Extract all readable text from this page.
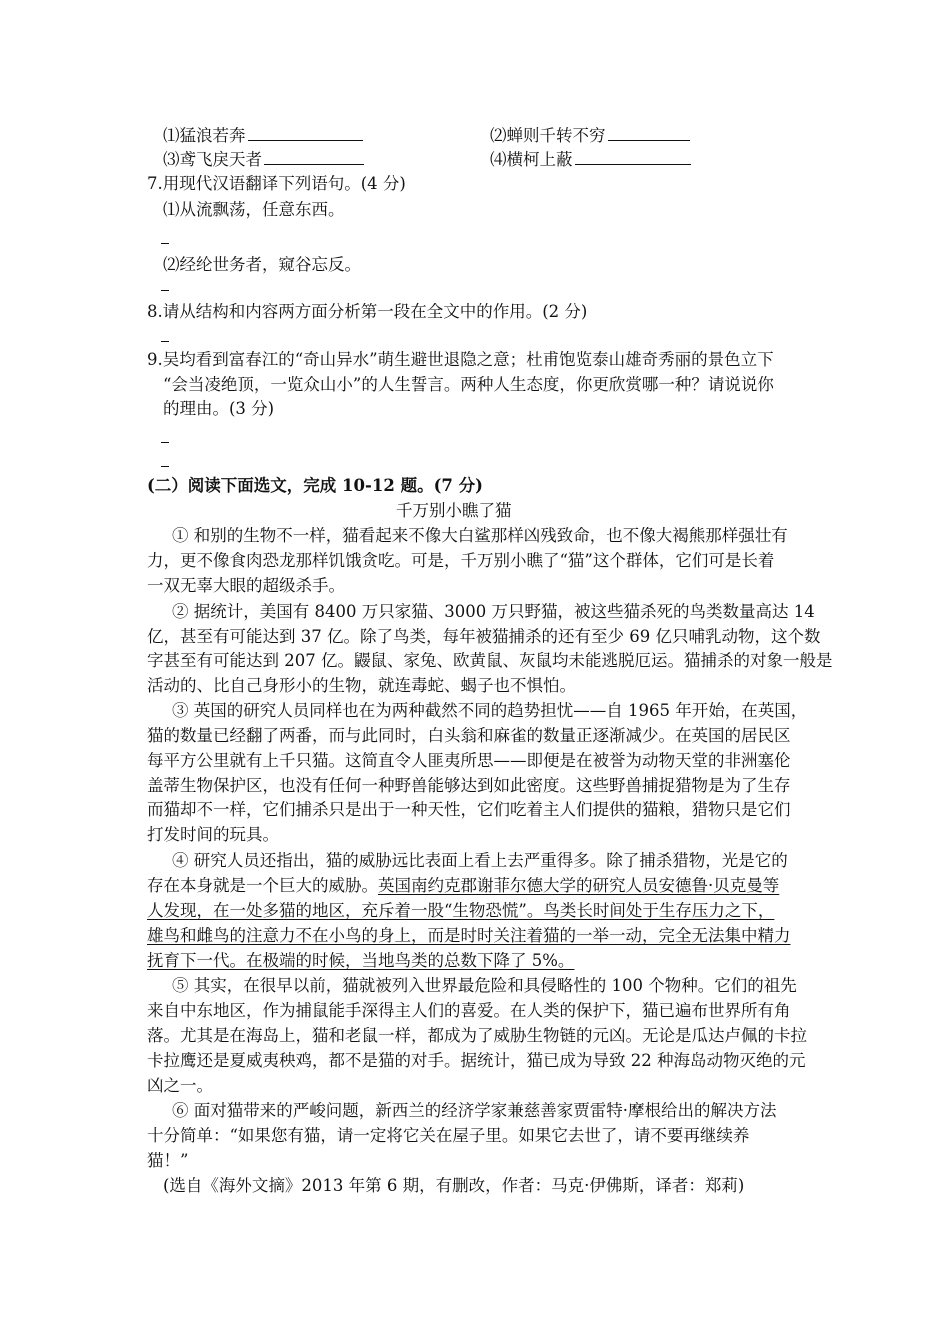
⑴猛浪若奔	⑵蝉则千转不穷
⑶鸢飞戾天者	⑷横柯上蔽
7.用现代汉语翻译下列语句。(4 分)
⑴从流飘荡，任意东西。
⑵经纶世务者，窥谷忘反。
8.请从结构和内容两方面分析第一段在全文中的作用。(2 分)
9.吴均看到富春江的“奇山异水”萌生避世退隐之意；杜甫饱览泰山雄奇秀丽的景色立下
“会当凌绝顶，一览众山小”的人生誓言。两种人生态度，你更欣赏哪一种？请说说你
的理由。(3 分)
(二）阅读下面选文，完成 10-12 题。(7 分)
千万别小瞧了猫
① 和别的生物不一样，猫看起来不像大白鲨那样凶残致命，也不像大褐熊那样强壮有
力，更不像食肉恐龙那样饥饿贪吃。可是，千万别小瞧了“猫”这个群体，它们可是长着
一双无辜大眼的超级杀手。
② 据统计，美国有 8400 万只家猫、3000 万只野猫，被这些猫杀死的鸟类数量高达 14
亿，甚至有可能达到 37 亿。除了鸟类，每年被猫捕杀的还有至少 69 亿只哺乳动物，这个数
字甚至有可能达到 207 亿。鼹鼠、家兔、欧黄鼠、灰鼠均未能逃脱厄运。猫捕杀的对象一般是
活动的、比自己身形小的生物，就连毒蛇、蝎子也不惧怕。
③ 英国的研究人员同样也在为两种截然不同的趋势担忧——自 1965 年开始，在英国，
猫的数量已经翻了两番，而与此同时，白头翁和麻雀的数量正逐渐减少。在英国的居民区
每平方公里就有上千只猫。这简直令人匪夷所思——即便是在被誉为动物天堂的非洲塞伦
盖蒂生物保护区，也没有任何一种野兽能够达到如此密度。这些野兽捕捉猎物是为了生存
而猫却不一样，它们捕杀只是出于一种天性，它们吃着主人们提供的猫粮，猎物只是它们
打发时间的玩具。
④ 研究人员还指出，猫的威胁远比表面上看上去严重得多。除了捕杀猎物，光是它的
存在本身就是一个巨大的威胁。英国南约克郡谢菲尔德大学的研究人员安德鲁·贝克曼等
人发现，在一处多猫的地区，充斥着一股“生物恐慌”。鸟类长时间处于生存压力之下，
雄鸟和雌鸟的注意力不在小鸟的身上，而是时时关注着猫的一举一动，完全无法集中精力
抚育下一代。在极端的时候，当地鸟类的总数下降了 5%。
⑤ 其实，在很早以前，猫就被列入世界最危险和具侵略性的 100 个物种。它们的祖先
来自中东地区，作为捕鼠能手深得主人们的喜爱。在人类的保护下，猫已遍布世界所有角
落。尤其是在海岛上，猫和老鼠一样，都成为了威胁生物链的元凶。无论是瓜达卢佩的卡拉
卡拉鹰还是夏威夷秧鸡，都不是猫的对手。据统计，猫已成为导致 22 种海岛动物灭绝的元
凶之一。
⑥ 面对猫带来的严峻问题，新西兰的经济学家兼慈善家贾雷特·摩根给出的解决方法
十分简单：“如果您有猫，请一定将它关在屋子里。如果它去世了，请不要再继续养
猫！”
(选自《海外文摘》2013 年第 6 期，有删改，作者：马克·伊佛斯，译者：郑莉)
